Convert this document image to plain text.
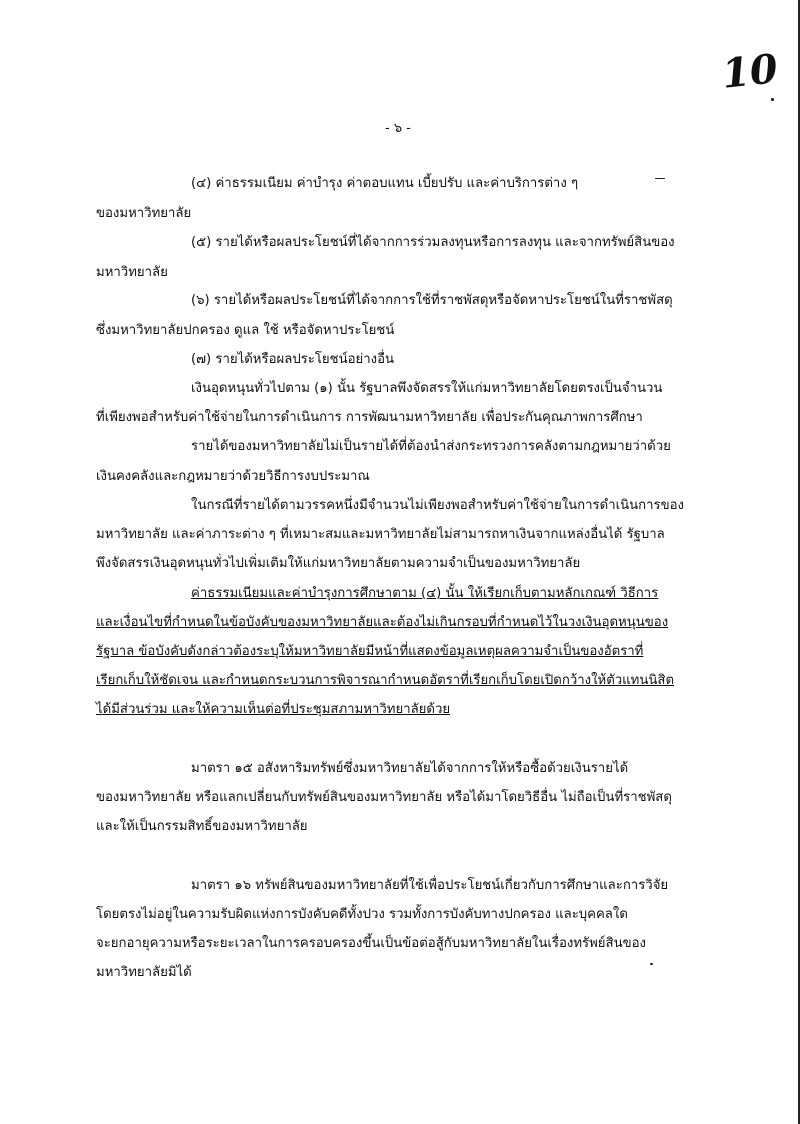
10
- ๖ -
(๔) ค่าธรรมเนียม ค่าบำรุง ค่าตอบแทน เบี้ยปรับ และค่าบริการต่าง ๆ
ของมหาวิทยาลัย
(๕) รายได้หรือผลประโยชน์ที่ได้จากการร่วมลงทุนหรือการลงทุน และจากทรัพย์สินของ
มหาวิทยาลัย
(๖) รายได้หรือผลประโยชน์ที่ได้จากการใช้ที่ราชพัสดุหรือจัดหาประโยชน์ในที่ราชพัสดุ
ซึ่งมหาวิทยาลัยปกครอง ดูแล ใช้ หรือจัดหาประโยชน์
(๗) รายได้หรือผลประโยชน์อย่างอื่น
เงินอุดหนุนทั่วไปตาม (๑) นั้น รัฐบาลพึงจัดสรรให้แก่มหาวิทยาลัยโดยตรงเป็นจำนวน
ที่เพียงพอสำหรับค่าใช้จ่ายในการดำเนินการ การพัฒนามหาวิทยาลัย เพื่อประกันคุณภาพการศึกษา
รายได้ของมหาวิทยาลัยไม่เป็นรายได้ที่ต้องนำส่งกระทรวงการคลังตามกฎหมายว่าด้วย
เงินคงคลังและกฎหมายว่าด้วยวิธีการงบประมาณ
ในกรณีที่รายได้ตามวรรคหนึ่งมีจำนวนไม่เพียงพอสำหรับค่าใช้จ่ายในการดำเนินการของ
มหาวิทยาลัย และค่าภาระต่าง ๆ ที่เหมาะสมและมหาวิทยาลัยไม่สามารถหาเงินจากแหล่งอื่นได้ รัฐบาล
พึงจัดสรรเงินอุดหนุนทั่วไปเพิ่มเติมให้แก่มหาวิทยาลัยตามความจำเป็นของมหาวิทยาลัย
ค่าธรรมเนียมและค่าบำรุงการศึกษาตาม (๔) นั้น ให้เรียกเก็บตามหลักเกณฑ์ วิธีการ
และเงื่อนไขที่กำหนดในข้อบังคับของมหาวิทยาลัยและต้องไม่เกินกรอบที่กำหนดไว้ในวงเงินอุดหนุนของ
รัฐบาล ข้อบังคับดังกล่าวต้องระบุให้มหาวิทยาลัยมีหน้าที่แสดงข้อมูลเหตุผลความจำเป็นของอัตราที่
เรียกเก็บให้ชัดเจน และกำหนดกระบวนการพิจารณากำหนดอัตราที่เรียกเก็บโดยเปิดกว้างให้ตัวแทนนิสิต
ได้มีส่วนร่วม และให้ความเห็นต่อที่ประชุมสภามหาวิทยาลัยด้วย
มาตรา ๑๕ อสังหาริมทรัพย์ซึ่งมหาวิทยาลัยได้จากการให้หรือซื้อด้วยเงินรายได้
ของมหาวิทยาลัย หรือแลกเปลี่ยนกับทรัพย์สินของมหาวิทยาลัย หรือได้มาโดยวิธีอื่น ไม่ถือเป็นที่ราชพัสดุ
และให้เป็นกรรมสิทธิ์ของมหาวิทยาลัย
มาตรา ๑๖ ทรัพย์สินของมหาวิทยาลัยที่ใช้เพื่อประโยชน์เกี่ยวกับการศึกษาและการวิจัย
โดยตรงไม่อยู่ในความรับผิดแห่งการบังคับคดีทั้งปวง รวมทั้งการบังคับทางปกครอง และบุคคลใด
จะยกอายุความหรือระยะเวลาในการครอบครองขึ้นเป็นข้อต่อสู้กับมหาวิทยาลัยในเรื่องทรัพย์สินของ
มหาวิทยาลัยมิได้
